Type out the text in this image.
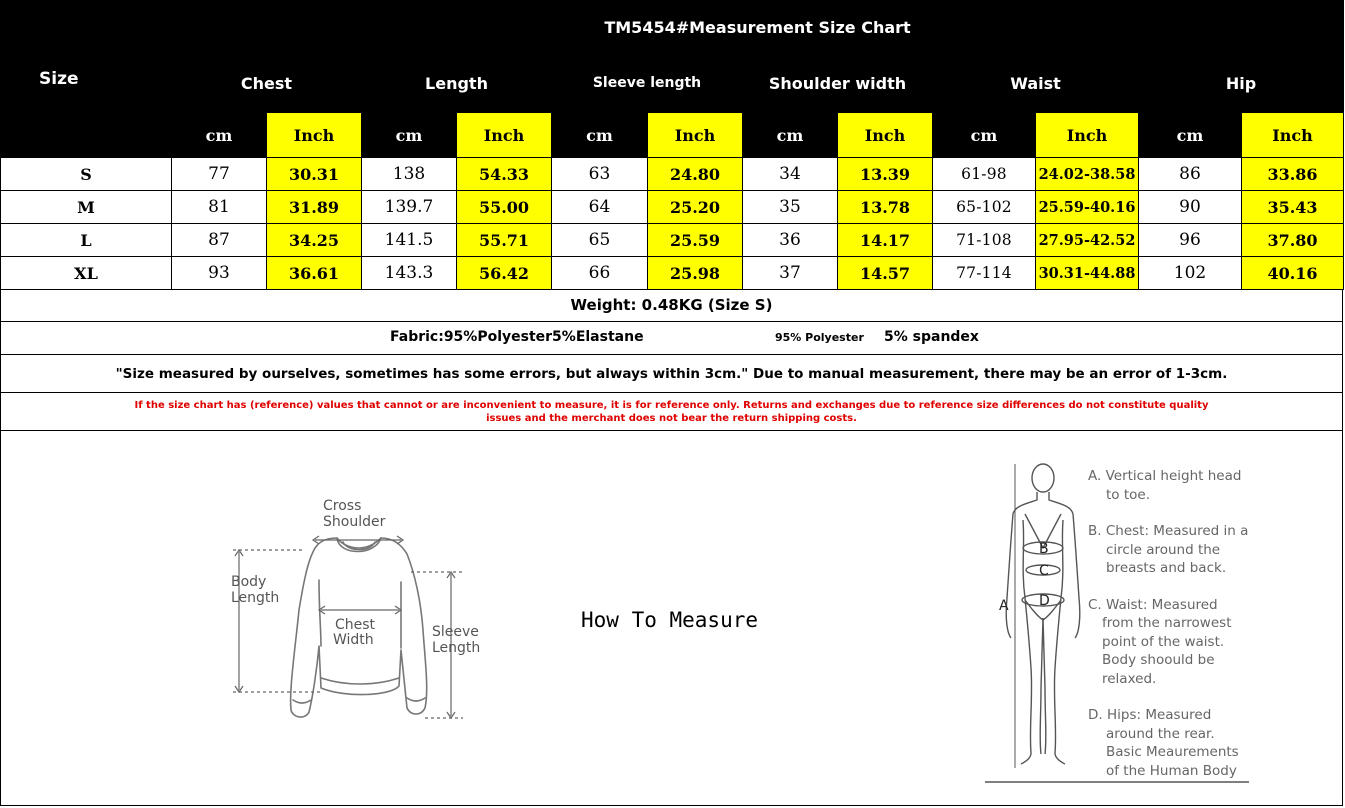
Size	TM5454#Measurement Size Chart											
	Chest		Length		Sleeve length		Shoulder width		Waist		Hip	
	cm	Inch	cm	Inch	cm	Inch	cm	Inch	cm	Inch	cm	Inch
S	77	30.31	138	54.33	63	24.80	34	13.39	61-98	24.02-38.58	86	33.86
M	81	31.89	139.7	55.00	64	25.20	35	13.78	65-102	25.59-40.16	90	35.43
L	87	34.25	141.5	55.71	65	25.59	36	14.17	71-108	27.95-42.52	96	37.80
XL	93	36.61	143.3	56.42	66	25.98	37	14.57	77-114	30.31-44.88	102	40.16
Weight: 0.48KG (Size S)
Fabric:95%Polyester5%Elastane	95% Polyester 5% spandex
"Size measured by ourselves, sometimes has some errors, but always within 3cm." Due to manual measurement, there may be an error of 1-3cm.
If the size chart has (reference) values that cannot or are inconvenient to measure, it is for reference only. Returns and exchanges due to reference size differences do not constitute quality
issues and the merchant does not bear the return shipping costs.
Cross
Shoulder
Body
Length
Chest
Width	Sleeve
Length
How To Measure
B
C
D
A
A. Vertical height head
to toe.
B. Chest: Measured in a
circle around the
breasts and back.
C. Waist: Measured
from the narrowest
point of the waist.
Body shoould be
relaxed.
D. Hips: Measured
around the rear.
Basic Meaurements
of the Human Body
